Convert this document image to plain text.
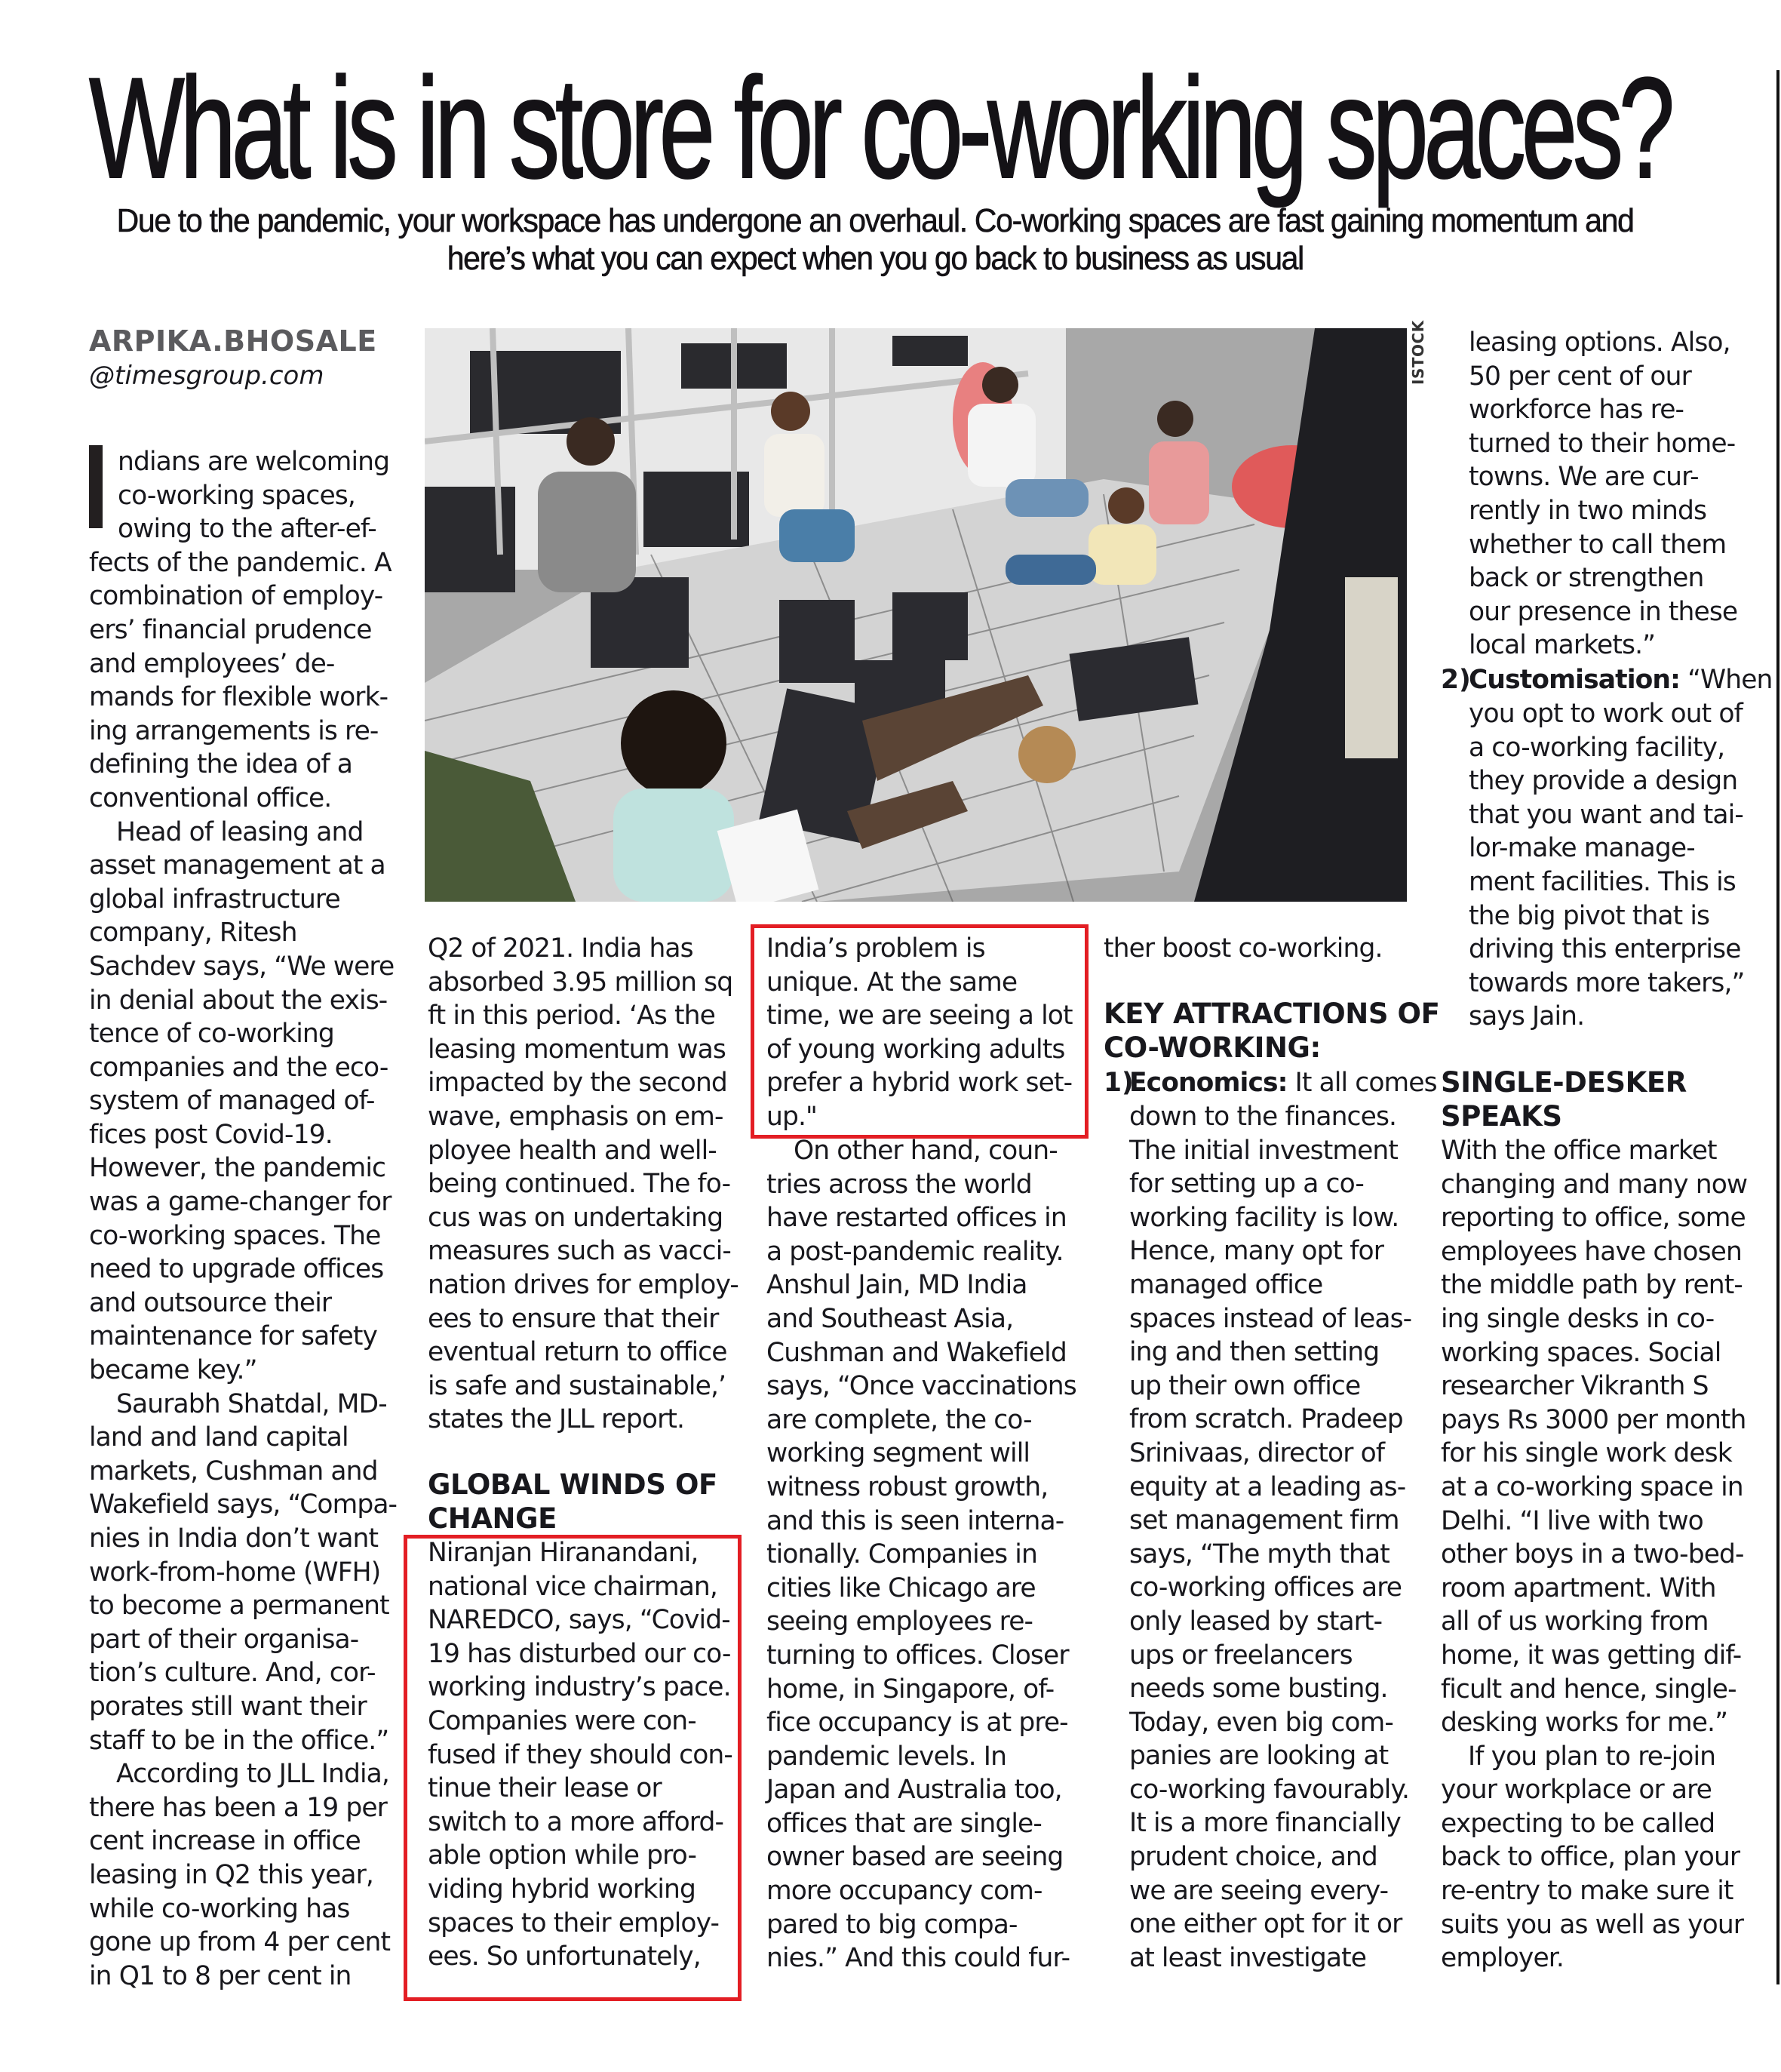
What is in store for co-working spaces?
Due to the pandemic, your workspace has undergone an overhaul. Co-working spaces are fast gaining momentum and
here’s what you can expect when you go back to business as usual
ARPIKA.BHOSALE
@timesgroup.com	ISTOCK
ndians are welcoming
co-working spaces,
owing to the after-ef-
fects of the pandemic. A
combination of employ-
ers’ financial prudence
and employees’ de-
mands for flexible work-
ing arrangements is re-
defining the idea of a
conventional office.
Head of leasing and
asset management at a
global infrastructure
company, Ritesh
Sachdev says, “We were
in denial about the exis-
tence of co-working
companies and the eco-
system of managed of-
fices post Covid-19.
However, the pandemic
was a game-changer for
co-working spaces. The
need to upgrade offices
and outsource their
maintenance for safety
became key.”
Saurabh Shatdal, MD-
land and land capital
markets, Cushman and
Wakefield says, “Compa-
nies in India don’t want
work-from-home (WFH)
to become a permanent
part of their organisa-
tion’s culture. And, cor-
porates still want their
staff to be in the office.”
According to JLL India,
there has been a 19 per
cent increase in office
leasing in Q2 this year,
while co-working has
gone up from 4 per cent
in Q1 to 8 per cent in
Q2 of 2021. India has
absorbed 3.95 million sq
ft in this period. ‘As the
leasing momentum was
impacted by the second
wave, emphasis on em-
ployee health and well-
being continued. The fo-
cus was on undertaking
measures such as vacci-
nation drives for employ-
ees to ensure that their
eventual return to office
is safe and sustainable,’
states the JLL report.
GLOBAL WINDS OF
CHANGE
Niranjan Hiranandani,
national vice chairman,
NAREDCO, says, “Covid-
19 has disturbed our co-
working industry’s pace.
Companies were con-
fused if they should con-
tinue their lease or
switch to a more afford-
able option while pro-
viding hybrid working
spaces to their employ-
ees. So unfortunately,
India’s problem is
unique. At the same
time, we are seeing a lot
of young working adults
prefer a hybrid work set-
up."
On other hand, coun-
tries across the world
have restarted offices in
a post-pandemic reality.
Anshul Jain, MD India
and Southeast Asia,
Cushman and Wakefield
says, “Once vaccinations
are complete, the co-
working segment will
witness robust growth,
and this is seen interna-
tionally. Companies in
cities like Chicago are
seeing employees re-
turning to offices. Closer
home, in Singapore, of-
fice occupancy is at pre-
pandemic levels. In
Japan and Australia too,
offices that are single-
owner based are seeing
more occupancy com-
pared to big compa-
nies.” And this could fur-
ther boost co-working.
KEY ATTRACTIONS OF
CO-WORKING:
1)
Economics: It all comes
down to the finances.
The initial investment
for setting up a co-
working facility is low.
Hence, many opt for
managed office
spaces instead of leas-
ing and then setting
up their own office
from scratch. Pradeep
Srinivaas, director of
equity at a leading as-
set management firm
says, “The myth that
co-working offices are
only leased by start-
ups or freelancers
needs some busting.
Today, even big com-
panies are looking at
co-working favourably.
It is a more financially
prudent choice, and
we are seeing every-
one either opt for it or
at least investigate
leasing options. Also,
50 per cent of our
workforce has re-
turned to their home-
towns. We are cur-
rently in two minds
whether to call them
back or strengthen
our presence in these
local markets.”
2)
Customisation: “When
you opt to work out of
a co-working facility,
they provide a design
that you want and tai-
lor-make manage-
ment facilities. This is
the big pivot that is
driving this enterprise
towards more takers,”
says Jain.
SINGLE-DESKER
SPEAKS
With the office market
changing and many now
reporting to office, some
employees have chosen
the middle path by rent-
ing single desks in co-
working spaces. Social
researcher Vikranth S
pays Rs 3000 per month
for his single work desk
at a co-working space in
Delhi. “I live with two
other boys in a two-bed-
room apartment. With
all of us working from
home, it was getting dif-
ficult and hence, single-
desking works for me.”
If you plan to re-join
your workplace or are
expecting to be called
back to office, plan your
re-entry to make sure it
suits you as well as your
employer.
